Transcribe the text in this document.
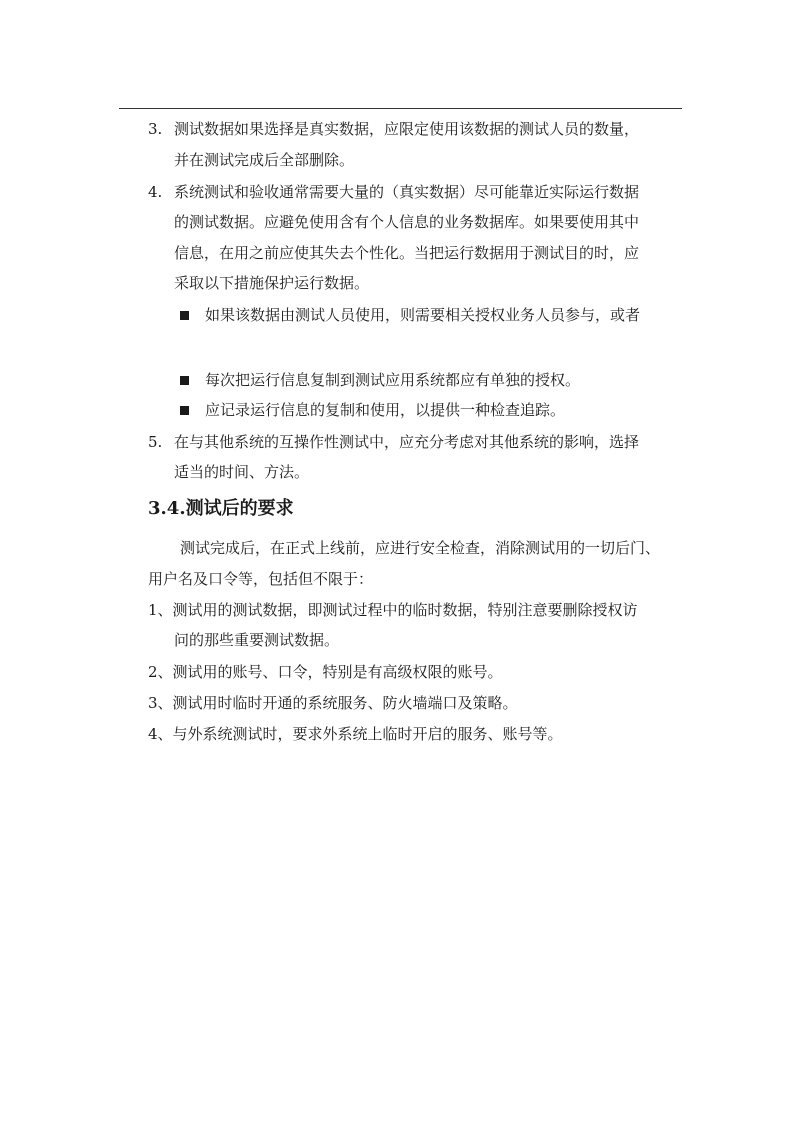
3. 测试数据如果选择是真实数据，应限定使用该数据的测试人员的数量，
并在测试完成后全部删除。
4. 系统测试和验收通常需要大量的（真实数据）尽可能靠近实际运行数据
的测试数据。应避免使用含有个人信息的业务数据库。如果要使用其中
信息，在用之前应使其失去个性化。当把运行数据用于测试目的时，应
采取以下措施保护运行数据。
如果该数据由测试人员使用，则需要相关授权业务人员参与，或者
每次把运行信息复制到测试应用系统都应有单独的授权。
应记录运行信息的复制和使用，以提供一种检查追踪。
5. 在与其他系统的互操作性测试中，应充分考虑对其他系统的影响，选择
适当的时间、方法。
3.4.测试后的要求
测试完成后，在正式上线前，应进行安全检查，消除测试用的一切后门、
用户名及口令等，包括但不限于：
1、测试用的测试数据，即测试过程中的临时数据，特别注意要删除授权访
问的那些重要测试数据。
2、测试用的账号、口令，特别是有高级权限的账号。
3、测试用时临时开通的系统服务、防火墙端口及策略。
4、与外系统测试时，要求外系统上临时开启的服务、账号等。
